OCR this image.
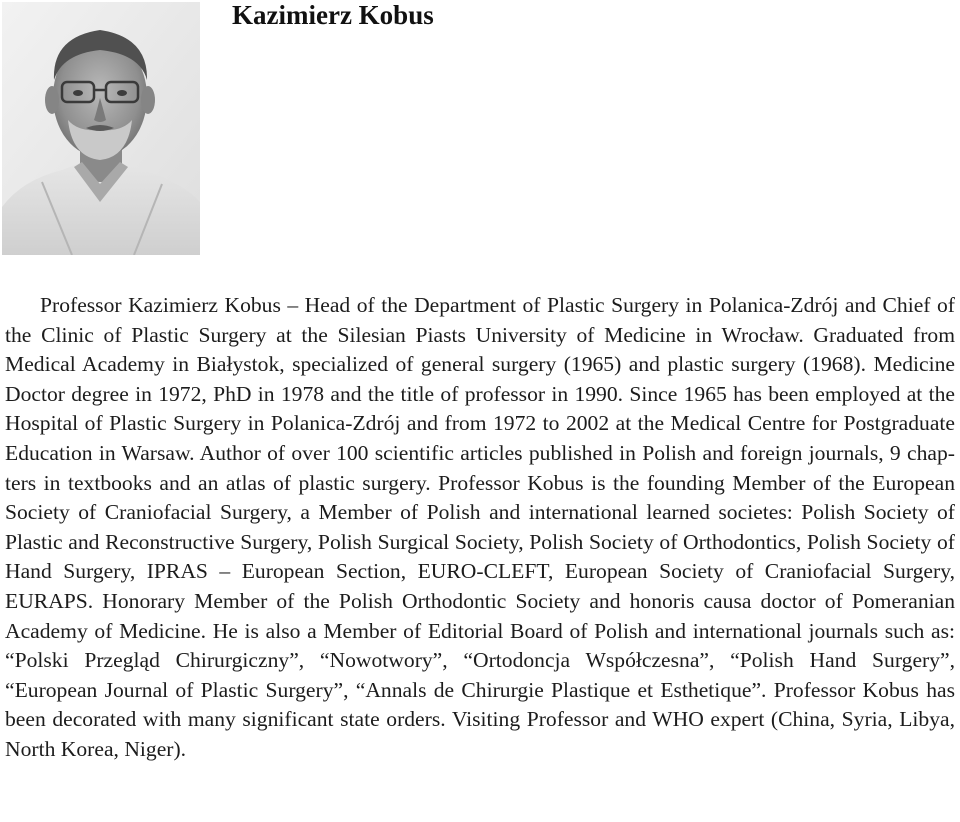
Kazimierz Kobus

Professor Kazimierz Kobus – Head of the Department of Plastic Surgery in Polanica-Zdrój and Chief of the Clinic of Plastic Surgery at the Silesian Piasts University of Medicine in Wrocław. Graduated from Medical Academy in Białystok, specialized of general surgery (1965) and plastic surgery (1968). Medicine Doctor degree in 1972, PhD in 1978 and the title of professor in 1990. Since 1965 has been employed at the Hospital of Plastic Surgery in Polanica-Zdrój and from 1972 to 2002 at the Medical Centre for Postgraduate Education in Warsaw. Author of over 100 scientific articles published in Polish and foreign journals, 9 chapters in textbooks and an atlas of plastic surgery. Professor Kobus is the founding Member of the European Society of Craniofacial Surgery, a Member of Polish and international learned societes: Polish Society of Plastic and Reconstructive Surgery, Polish Surgical Society, Polish Society of Orthodontics, Polish Society of Hand Surgery, IPRAS – European Section, EURO-CLEFT, European Society of Craniofacial Surgery, EURAPS. Honorary Member of the Polish Orthodontic Society and honoris causa doctor of Pomeranian Academy of Medicine. He is also a Member of Editorial Board of Polish and international journals such as: “Polski Przegląd Chirurgiczny”, “Nowotwory”, “Ortodoncja Współczesna”, “Polish Hand Surgery”, “European Journal of Plastic Surgery”, “Annals de Chirurgie Plastique et Esthetique”. Professor Kobus has been decorated with many significant state orders. Visiting Professor and WHO expert (China, Syria, Libya, North Korea, Niger).
